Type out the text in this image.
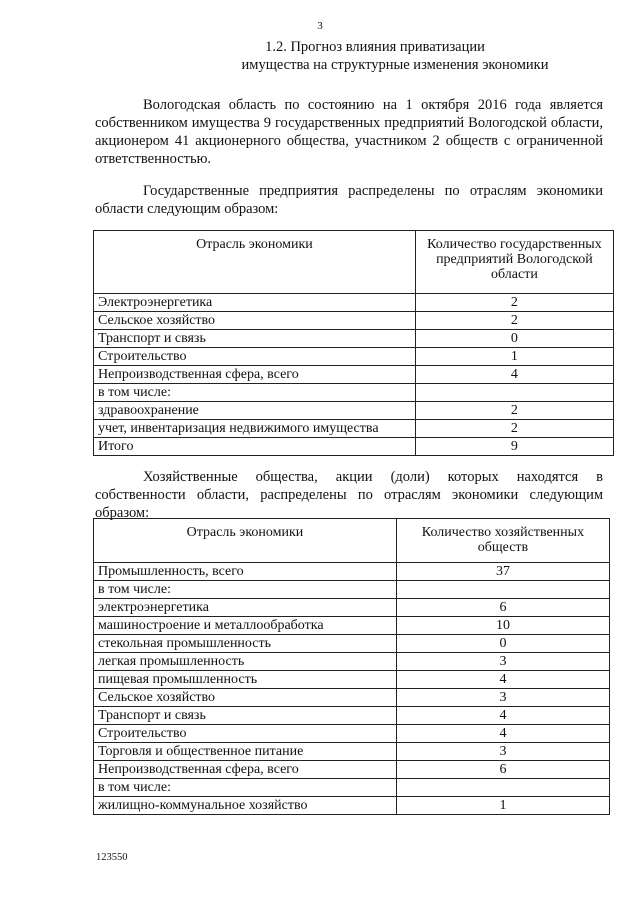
3
1.2. Прогноз влияния приватизации
имущества на структурные изменения экономики

Вологодская область по состоянию на 1 октября 2016 года является собственником имущества 9 государственных предприятий Вологодской области, акционером 41 акционерного общества, участником 2 обществ с ограниченной ответственностью.

Государственные предприятия распределены по отраслям экономики области следующим образом:

Отрасль экономики	Количество государственных предприятий Вологодской области
Электроэнергетика	2
Сельское хозяйство	2
Транспорт и связь	0
Строительство	1
Непроизводственная сфера, всего	4
в том числе:	
здравоохранение	2
учет, инвентаризация недвижимого имущества	2
Итого	9

Хозяйственные общества, акции (доли) которых находятся в собственности области, распределены по отраслям экономики следующим образом:

Отрасль экономики	Количество хозяйственных обществ
Промышленность, всего	37
в том числе:	
электроэнергетика	6
машиностроение и металлообработка	10
стекольная промышленность	0
легкая промышленность	3
пищевая промышленность	4
Сельское хозяйство	3
Транспорт и связь	4
Строительство	4
Торговля и общественное питание	3
Непроизводственная сфера, всего	6
в том числе:	
жилищно-коммунальное хозяйство	1
123550
